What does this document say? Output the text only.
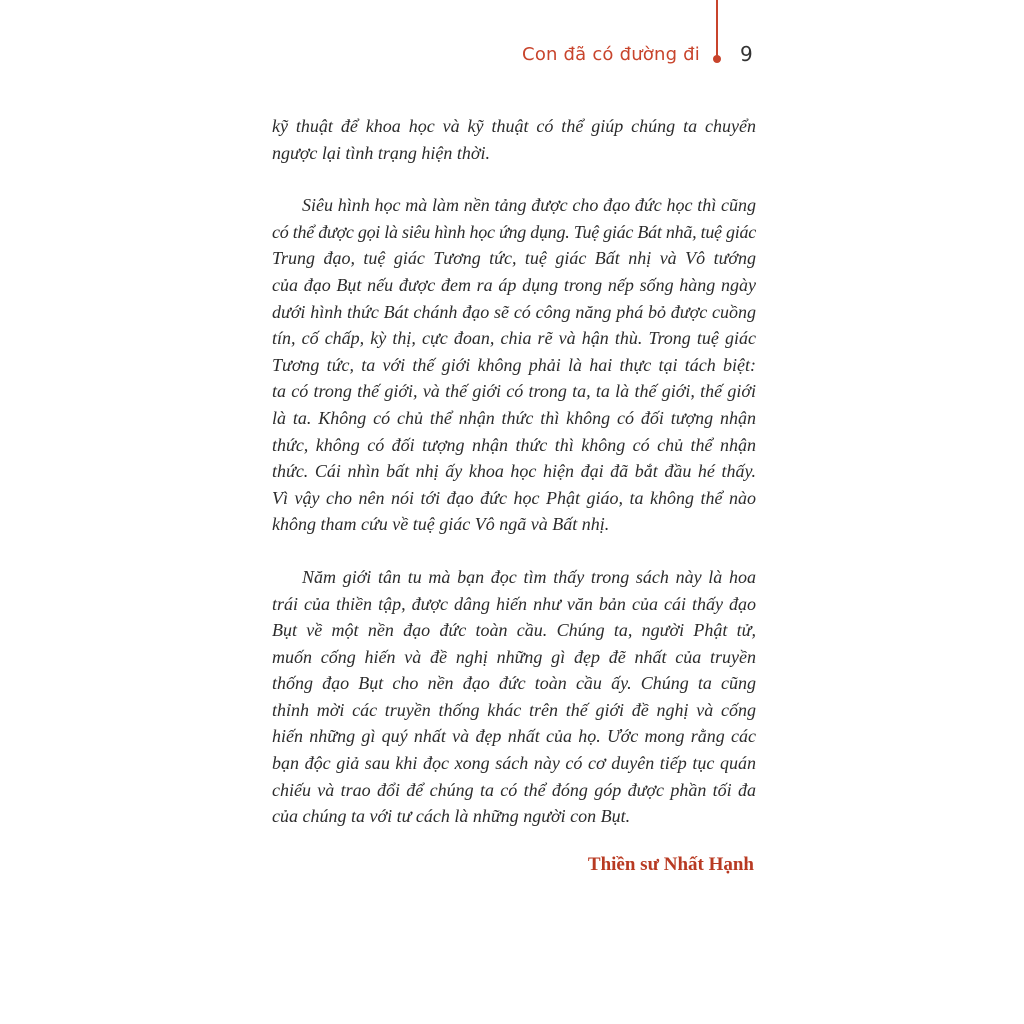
Con đã có đường đi 9
kỹ thuật để khoa học và kỹ thuật có thể giúp chúng ta chuyển
ngược lại tình trạng hiện thời.
Siêu hình học mà làm nền tảng được cho đạo đức học thì cũng
có thể được gọi là siêu hình học ứng dụng. Tuệ giác Bát nhã, tuệ giác
Trung đạo, tuệ giác Tương tức, tuệ giác Bất nhị và Vô tướng
của đạo Bụt nếu được đem ra áp dụng trong nếp sống hàng ngày
dưới hình thức Bát chánh đạo sẽ có công năng phá bỏ được cuồng
tín, cố chấp, kỳ thị, cực đoan, chia rẽ và hận thù. Trong tuệ giác
Tương tức, ta với thế giới không phải là hai thực tại tách biệt:
ta có trong thế giới, và thế giới có trong ta, ta là thế giới, thế giới
là ta. Không có chủ thể nhận thức thì không có đối tượng nhận
thức, không có đối tượng nhận thức thì không có chủ thể nhận
thức. Cái nhìn bất nhị ấy khoa học hiện đại đã bắt đầu hé thấy.
Vì vậy cho nên nói tới đạo đức học Phật giáo, ta không thể nào
không tham cứu về tuệ giác Vô ngã và Bất nhị.
Năm giới tân tu mà bạn đọc tìm thấy trong sách này là hoa
trái của thiền tập, được dâng hiến như văn bản của cái thấy đạo
Bụt về một nền đạo đức toàn cầu. Chúng ta, người Phật tử,
muốn cống hiến và đề nghị những gì đẹp đẽ nhất của truyền
thống đạo Bụt cho nền đạo đức toàn cầu ấy. Chúng ta cũng
thỉnh mời các truyền thống khác trên thế giới đề nghị và cống
hiến những gì quý nhất và đẹp nhất của họ. Ước mong rằng các
bạn độc giả sau khi đọc xong sách này có cơ duyên tiếp tục quán
chiếu và trao đổi để chúng ta có thể đóng góp được phần tối đa
của chúng ta với tư cách là những người con Bụt.
Thiền sư Nhất Hạnh
